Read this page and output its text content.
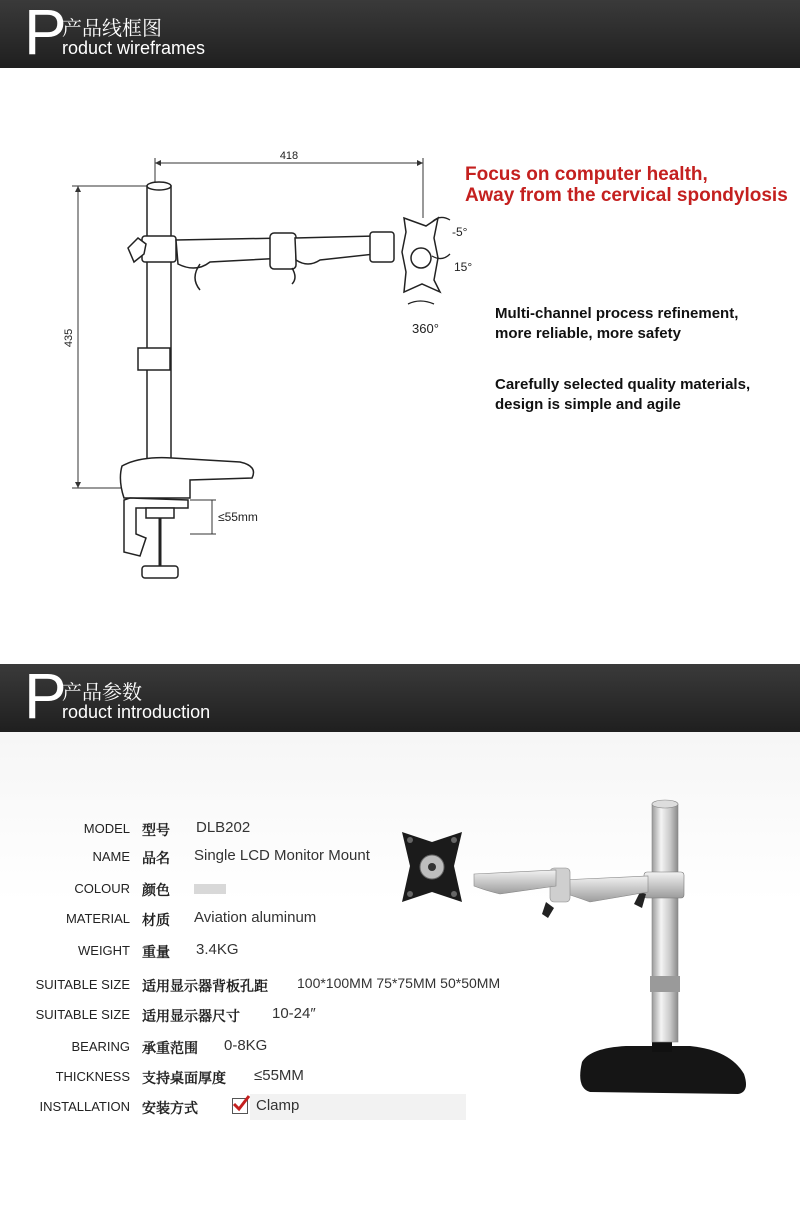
P
产品线框图
roduct wireframes
418
435
-5°
15°
360°
≤55mm
Focus on computer health,
Away from the cervical spondylosis
Multi-channel process refinement,
more reliable, more safety
Carefully selected quality materials,
design is simple and agile
P
产品参数
roduct introduction
MODEL 型号 DLB202
NAME 品名 Single LCD Monitor Mount
COLOUR 颜色
MATERIAL 材质 Aviation aluminum
WEIGHT 重量 3.4KG
SUITABLE SIZE 适用显示器背板孔距 100*100MM 75*75MM 50*50MM
SUITABLE SIZE 适用显示器尺寸 10-24″
BEARING 承重范围 0-8KG
THICKNESS 支持桌面厚度 ≤55MM
INSTALLATION 安装方式	Clamp
